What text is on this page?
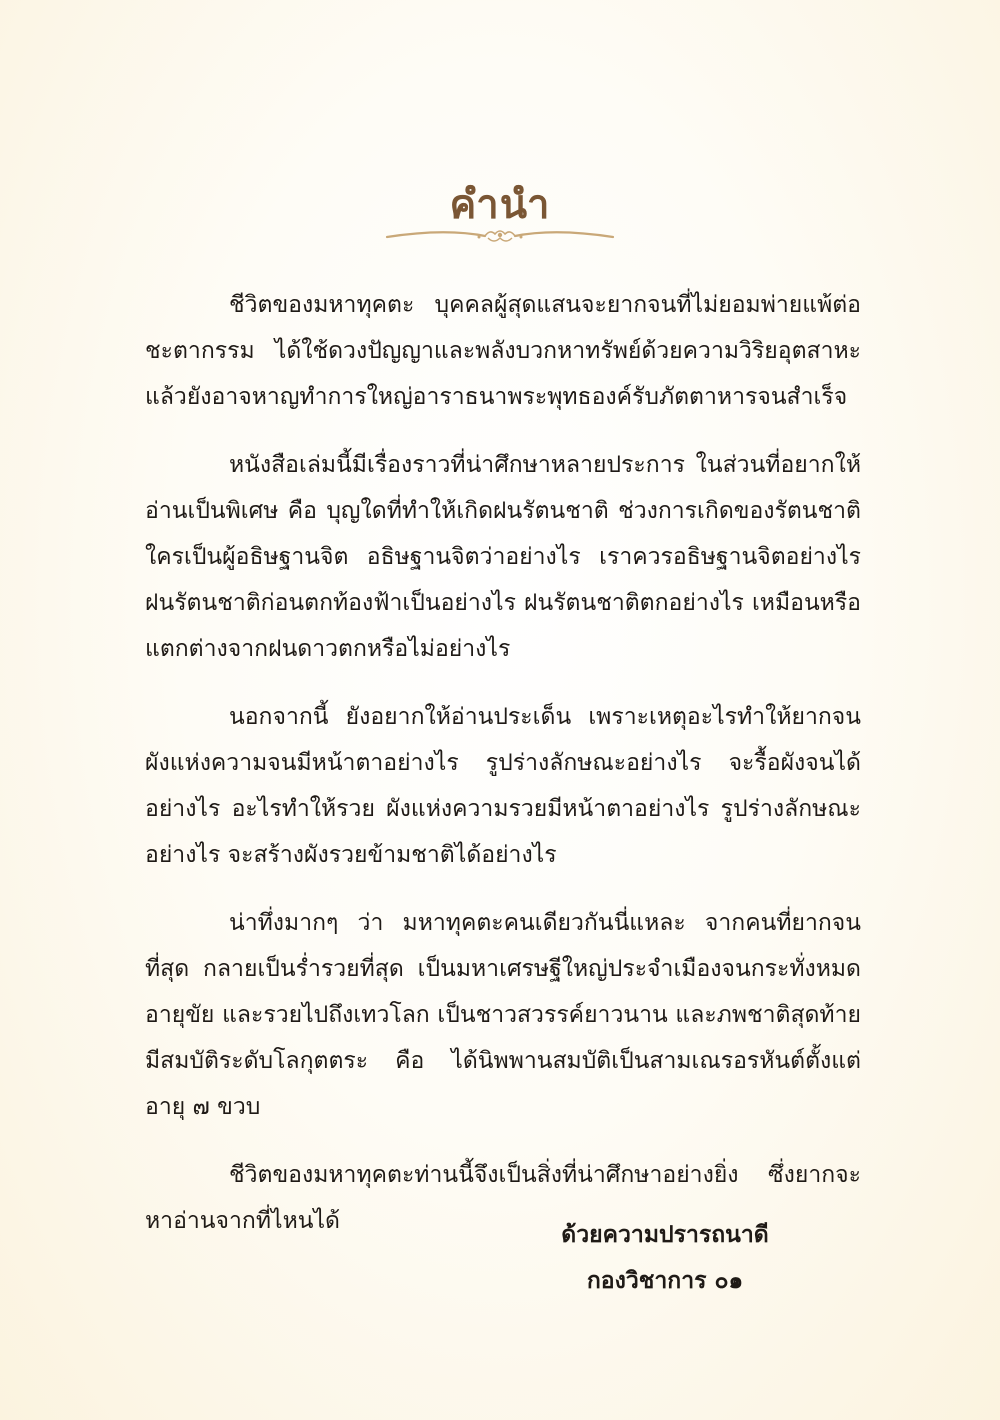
คำนำ

ชีวิตของมหาทุคตะ บุคคลผู้สุดแสนจะยากจนที่ไม่ยอมพ่ายแพ้ต่อชะตากรรม ได้ใช้ดวงปัญญาและพลังบวกหาทรัพย์ด้วยความวิริยอุตสาหะ แล้วยังอาจหาญทำการใหญ่อาราธนาพระพุทธองค์รับภัตตาหารจนสำเร็จ

หนังสือเล่มนี้มีเรื่องราวที่น่าศึกษาหลายประการ ในส่วนที่อยากให้อ่านเป็นพิเศษ คือ บุญใดที่ทำให้เกิดฝนรัตนชาติ ช่วงการเกิดของรัตนชาติ ใครเป็นผู้อธิษฐานจิต อธิษฐานจิตว่าอย่างไร เราควรอธิษฐานจิตอย่างไร ฝนรัตนชาติก่อนตกท้องฟ้าเป็นอย่างไร ฝนรัตนชาติตกอย่างไร เหมือนหรือแตกต่างจากฝนดาวตกหรือไม่อย่างไร

นอกจากนี้ ยังอยากให้อ่านประเด็น เพราะเหตุอะไรทำให้ยากจน ผังแห่งความจนมีหน้าตาอย่างไร รูปร่างลักษณะอย่างไร จะรื้อผังจนได้อย่างไร อะไรทำให้รวย ผังแห่งความรวยมีหน้าตาอย่างไร รูปร่างลักษณะอย่างไร จะสร้างผังรวยข้ามชาติได้อย่างไร

น่าทึ่งมากๆ ว่า มหาทุคตะคนเดียวกันนี่แหละ จากคนที่ยากจนที่สุด กลายเป็นร่ำรวยที่สุด เป็นมหาเศรษฐีใหญ่ประจำเมืองจนกระทั่งหมดอายุขัย และรวยไปถึงเทวโลก เป็นชาวสวรรค์ยาวนาน และภพชาติสุดท้ายมีสมบัติระดับโลกุตตระ คือ ได้นิพพานสมบัติเป็นสามเณรอรหันต์ตั้งแต่อายุ ๗ ขวบ

ชีวิตของมหาทุคตะท่านนี้จึงเป็นสิ่งที่น่าศึกษาอย่างยิ่ง ซึ่งยากจะหาอ่านจากที่ไหนได้

ด้วยความปรารถนาดี
กองวิชาการ ๐๑
